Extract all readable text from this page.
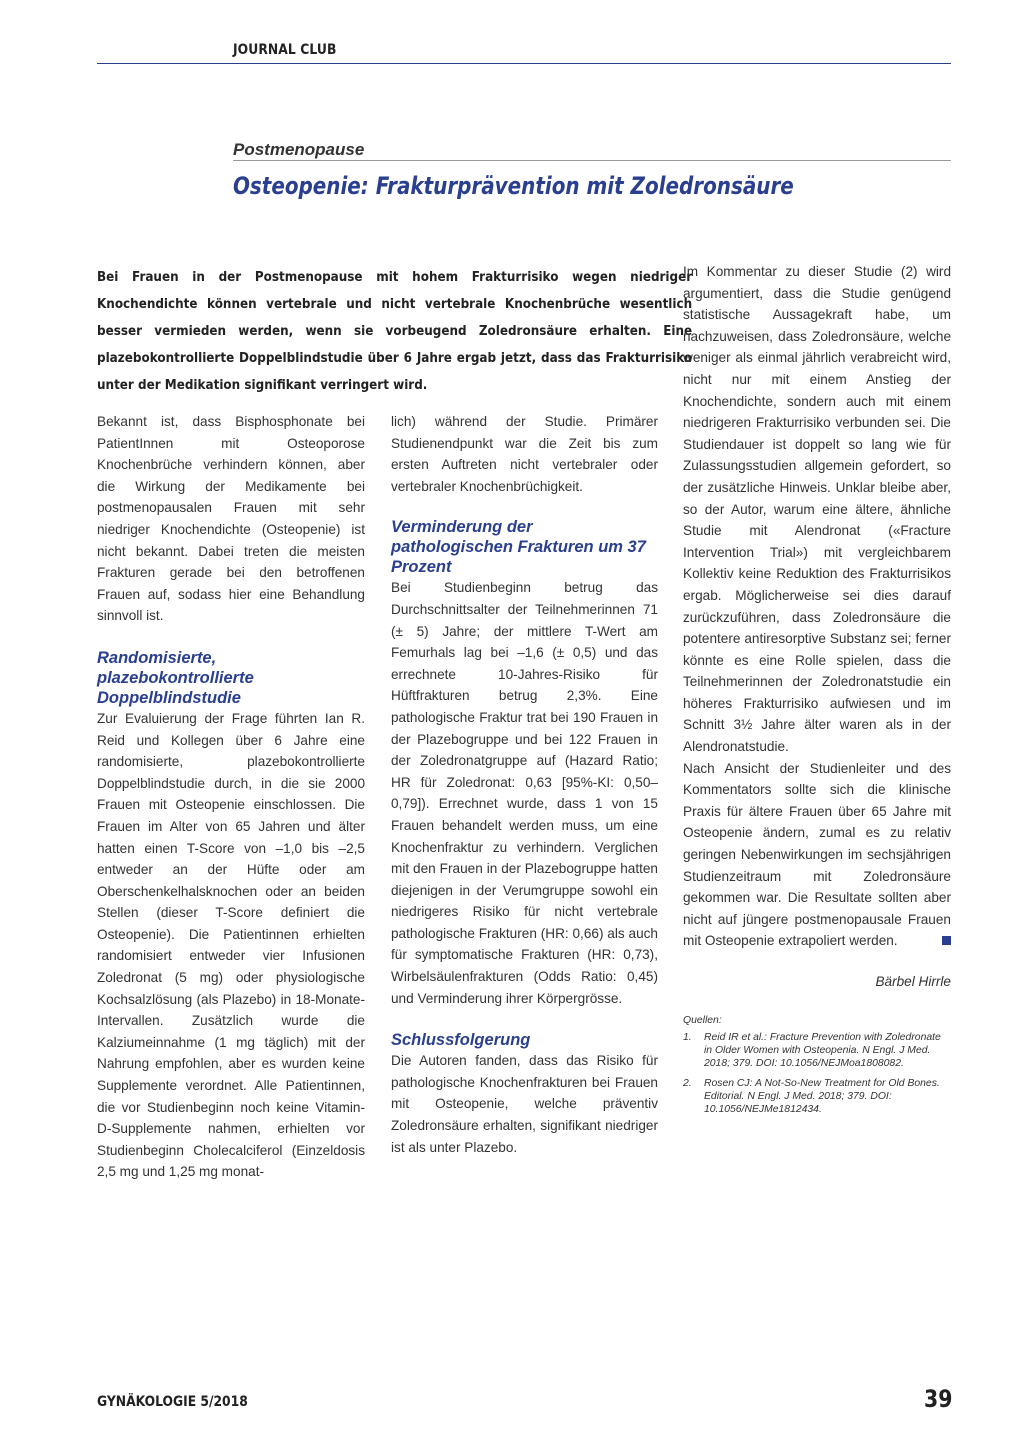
JOURNAL CLUB
Postmenopause
Osteopenie: Frakturprävention mit Zoledronsäure
Bei Frauen in der Postmenopause mit hohem Frakturrisiko wegen niedriger Knochendichte können vertebrale und nicht vertebrale Knochenbrüche wesentlich besser vermieden werden, wenn sie vorbeugend Zoledronsäure erhalten. Eine plazebokontrollierte Doppelblindstudie über 6 Jahre ergab jetzt, dass das Frakturrisiko unter der Medikation signifikant verringert wird.

Bekannt ist, dass Bisphosphonate bei PatientInnen mit Osteoporose Knochenbrüche verhindern können, aber die Wirkung der Medikamente bei postmenopausalen Frauen mit sehr niedriger Knochendichte (Osteopenie) ist nicht bekannt. Dabei treten die meisten Frakturen gerade bei den betroffenen Frauen auf, sodass hier eine Behandlung sinnvoll ist.

Randomisierte, plazebokontrollierte Doppelblindstudie

Zur Evaluierung der Frage führten Ian R. Reid und Kollegen über 6 Jahre eine randomisierte, plazebokontrollierte Doppelblindstudie durch, in die sie 2000 Frauen mit Osteopenie einschlossen. Die Frauen im Alter von 65 Jahren und älter hatten einen T-Score von –1,0 bis –2,5 entweder an der Hüfte oder am Oberschenkelhalsknochen oder an beiden Stellen (dieser T-Score definiert die Osteopenie). Die Patientinnen erhielten randomisiert entweder vier Infusionen Zoledronat (5 mg) oder physiologische Kochsalzlösung (als Plazebo) in 18-Monate-Intervallen. Zusätzlich wurde die Kalziumeinnahme (1 mg täglich) mit der Nahrung empfohlen, aber es wurden keine Supplemente verordnet. Alle Patientinnen, die vor Studienbeginn noch keine Vitamin-D-Supplemente nahmen, erhielten vor Studienbeginn Cholecalciferol (Einzeldosis 2,5 mg und 1,25 mg monat-

lich) während der Studie. Primärer Studienendpunkt war die Zeit bis zum ersten Auftreten nicht vertebraler oder vertebraler Knochenbrüchigkeit.

Verminderung der pathologischen Frakturen um 37 Prozent

Bei Studienbeginn betrug das Durchschnittsalter der Teilnehmerinnen 71 (± 5) Jahre; der mittlere T-Wert am Femurhals lag bei –1,6 (± 0,5) und das errechnete 10-Jahres-Risiko für Hüftfrakturen betrug 2,3%. Eine pathologische Fraktur trat bei 190 Frauen in der Plazebogruppe und bei 122 Frauen in der Zoledronatgruppe auf (Hazard Ratio; HR für Zoledronat: 0,63 [95%-KI: 0,50–0,79]). Errechnet wurde, dass 1 von 15 Frauen behandelt werden muss, um eine Knochenfraktur zu verhindern. Verglichen mit den Frauen in der Plazebogruppe hatten diejenigen in der Verumgruppe sowohl ein niedrigeres Risiko für nicht vertebrale pathologische Frakturen (HR: 0,66) als auch für symptomatische Frakturen (HR: 0,73), Wirbelsäulenfrakturen (Odds Ratio: 0,45) und Verminderung ihrer Körpergrösse.

Schlussfolgerung

Die Autoren fanden, dass das Risiko für pathologische Knochenfrakturen bei Frauen mit Osteopenie, welche präventiv Zoledronsäure erhalten, signifikant niedriger ist als unter Plazebo.

Im Kommentar zu dieser Studie (2) wird argumentiert, dass die Studie genügend statistische Aussagekraft habe, um nachzuweisen, dass Zoledronsäure, welche weniger als einmal jährlich verabreicht wird, nicht nur mit einem Anstieg der Knochendichte, sondern auch mit einem niedrigeren Frakturrisiko verbunden sei. Die Studiendauer ist doppelt so lang wie für Zulassungsstudien allgemein gefordert, so der zusätzliche Hinweis. Unklar bleibe aber, so der Autor, warum eine ältere, ähnliche Studie mit Alendronat («Fracture Intervention Trial») mit vergleichbarem Kollektiv keine Reduktion des Frakturrisikos ergab. Möglicherweise sei dies darauf zurückzuführen, dass Zoledronsäure die potentere antiresorptive Substanz sei; ferner könnte es eine Rolle spielen, dass die Teilnehmerinnen der Zoledronatstudie ein höheres Frakturrisiko aufwiesen und im Schnitt 3½ Jahre älter waren als in der Alendronatstudie.

Nach Ansicht der Studienleiter und des Kommentators sollte sich die klinische Praxis für ältere Frauen über 65 Jahre mit Osteopenie ändern, zumal es zu relativ geringen Nebenwirkungen im sechsjährigen Studienzeitraum mit Zoledronsäure gekommen war. Die Resultate sollten aber nicht auf jüngere postmenopausale Frauen mit Osteopenie extrapoliert werden.

Bärbel Hirrle
Quellen:
1. Reid IR et al.: Fracture Prevention with Zoledronate in Older Women with Osteopenia. N Engl. J Med. 2018; 379. DOI: 10.1056/NEJMoa1808082.
2. Rosen CJ: A Not-So-New Treatment for Old Bones. Editorial. N Engl. J Med. 2018; 379. DOI: 10.1056/NEJMe1812434.
GYNÄKOLOGIE 5/2018	39
